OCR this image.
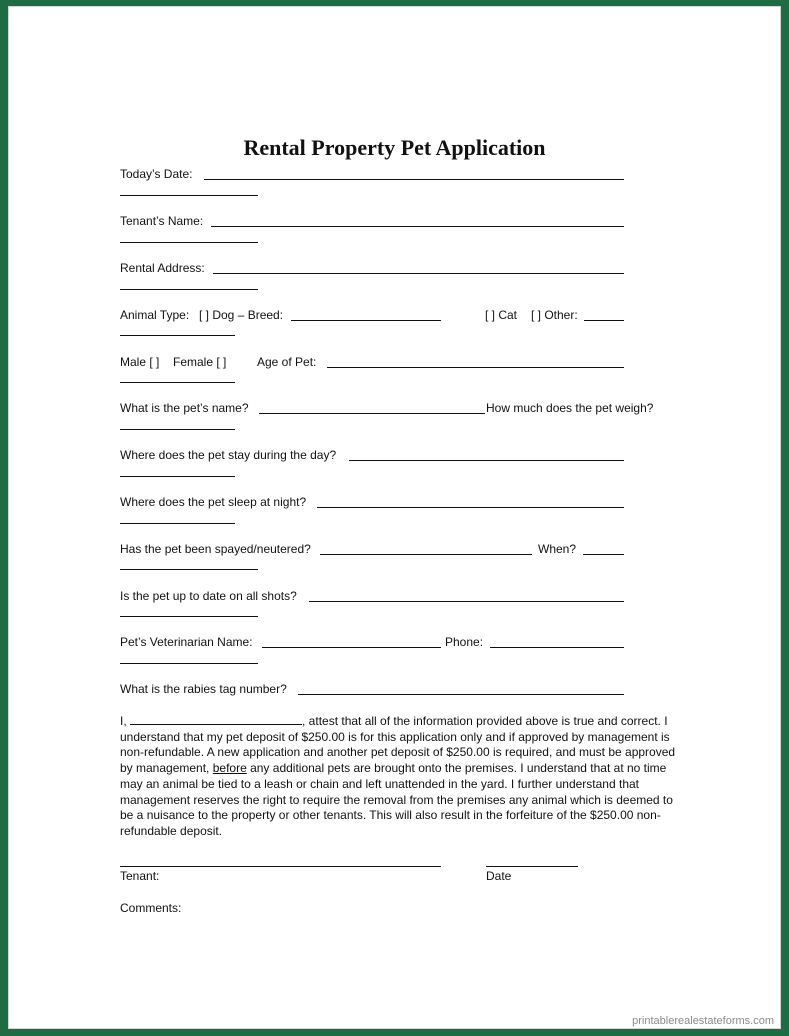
Rental Property Pet Application

Today’s Date:

Tenant’s Name:

Rental Address:

Animal Type: [ ] Dog – Breed:	[ ] Cat [ ] Other:

Male [ ] Female [ ]	Age of Pet:

What is the pet’s name?	How much does the pet weigh?

Where does the pet stay during the day?

Where does the pet sleep at night?

Has the pet been spayed/neutered?	When?

Is the pet up to date on all shots?

Pet’s Veterinarian Name:	Phone:

What is the rabies tag number?

I,	, attest that all of the information provided above is true and correct. I understand that my pet deposit of $250.00 is for this application only and if approved by management is non-refundable. A new application and another pet deposit of $250.00 is required, and must be approved by management, before any additional pets are brought onto the premises. I understand that at no time may an animal be tied to a leash or chain and left unattended in the yard. I further understand that management reserves the right to require the removal from the premises any animal which is deemed to be a nuisance to the property or other tenants. This will also result in the forfeiture of the $250.00 non-refundable deposit.

Tenant:	Date

Comments:

printablerealestateforms.com
